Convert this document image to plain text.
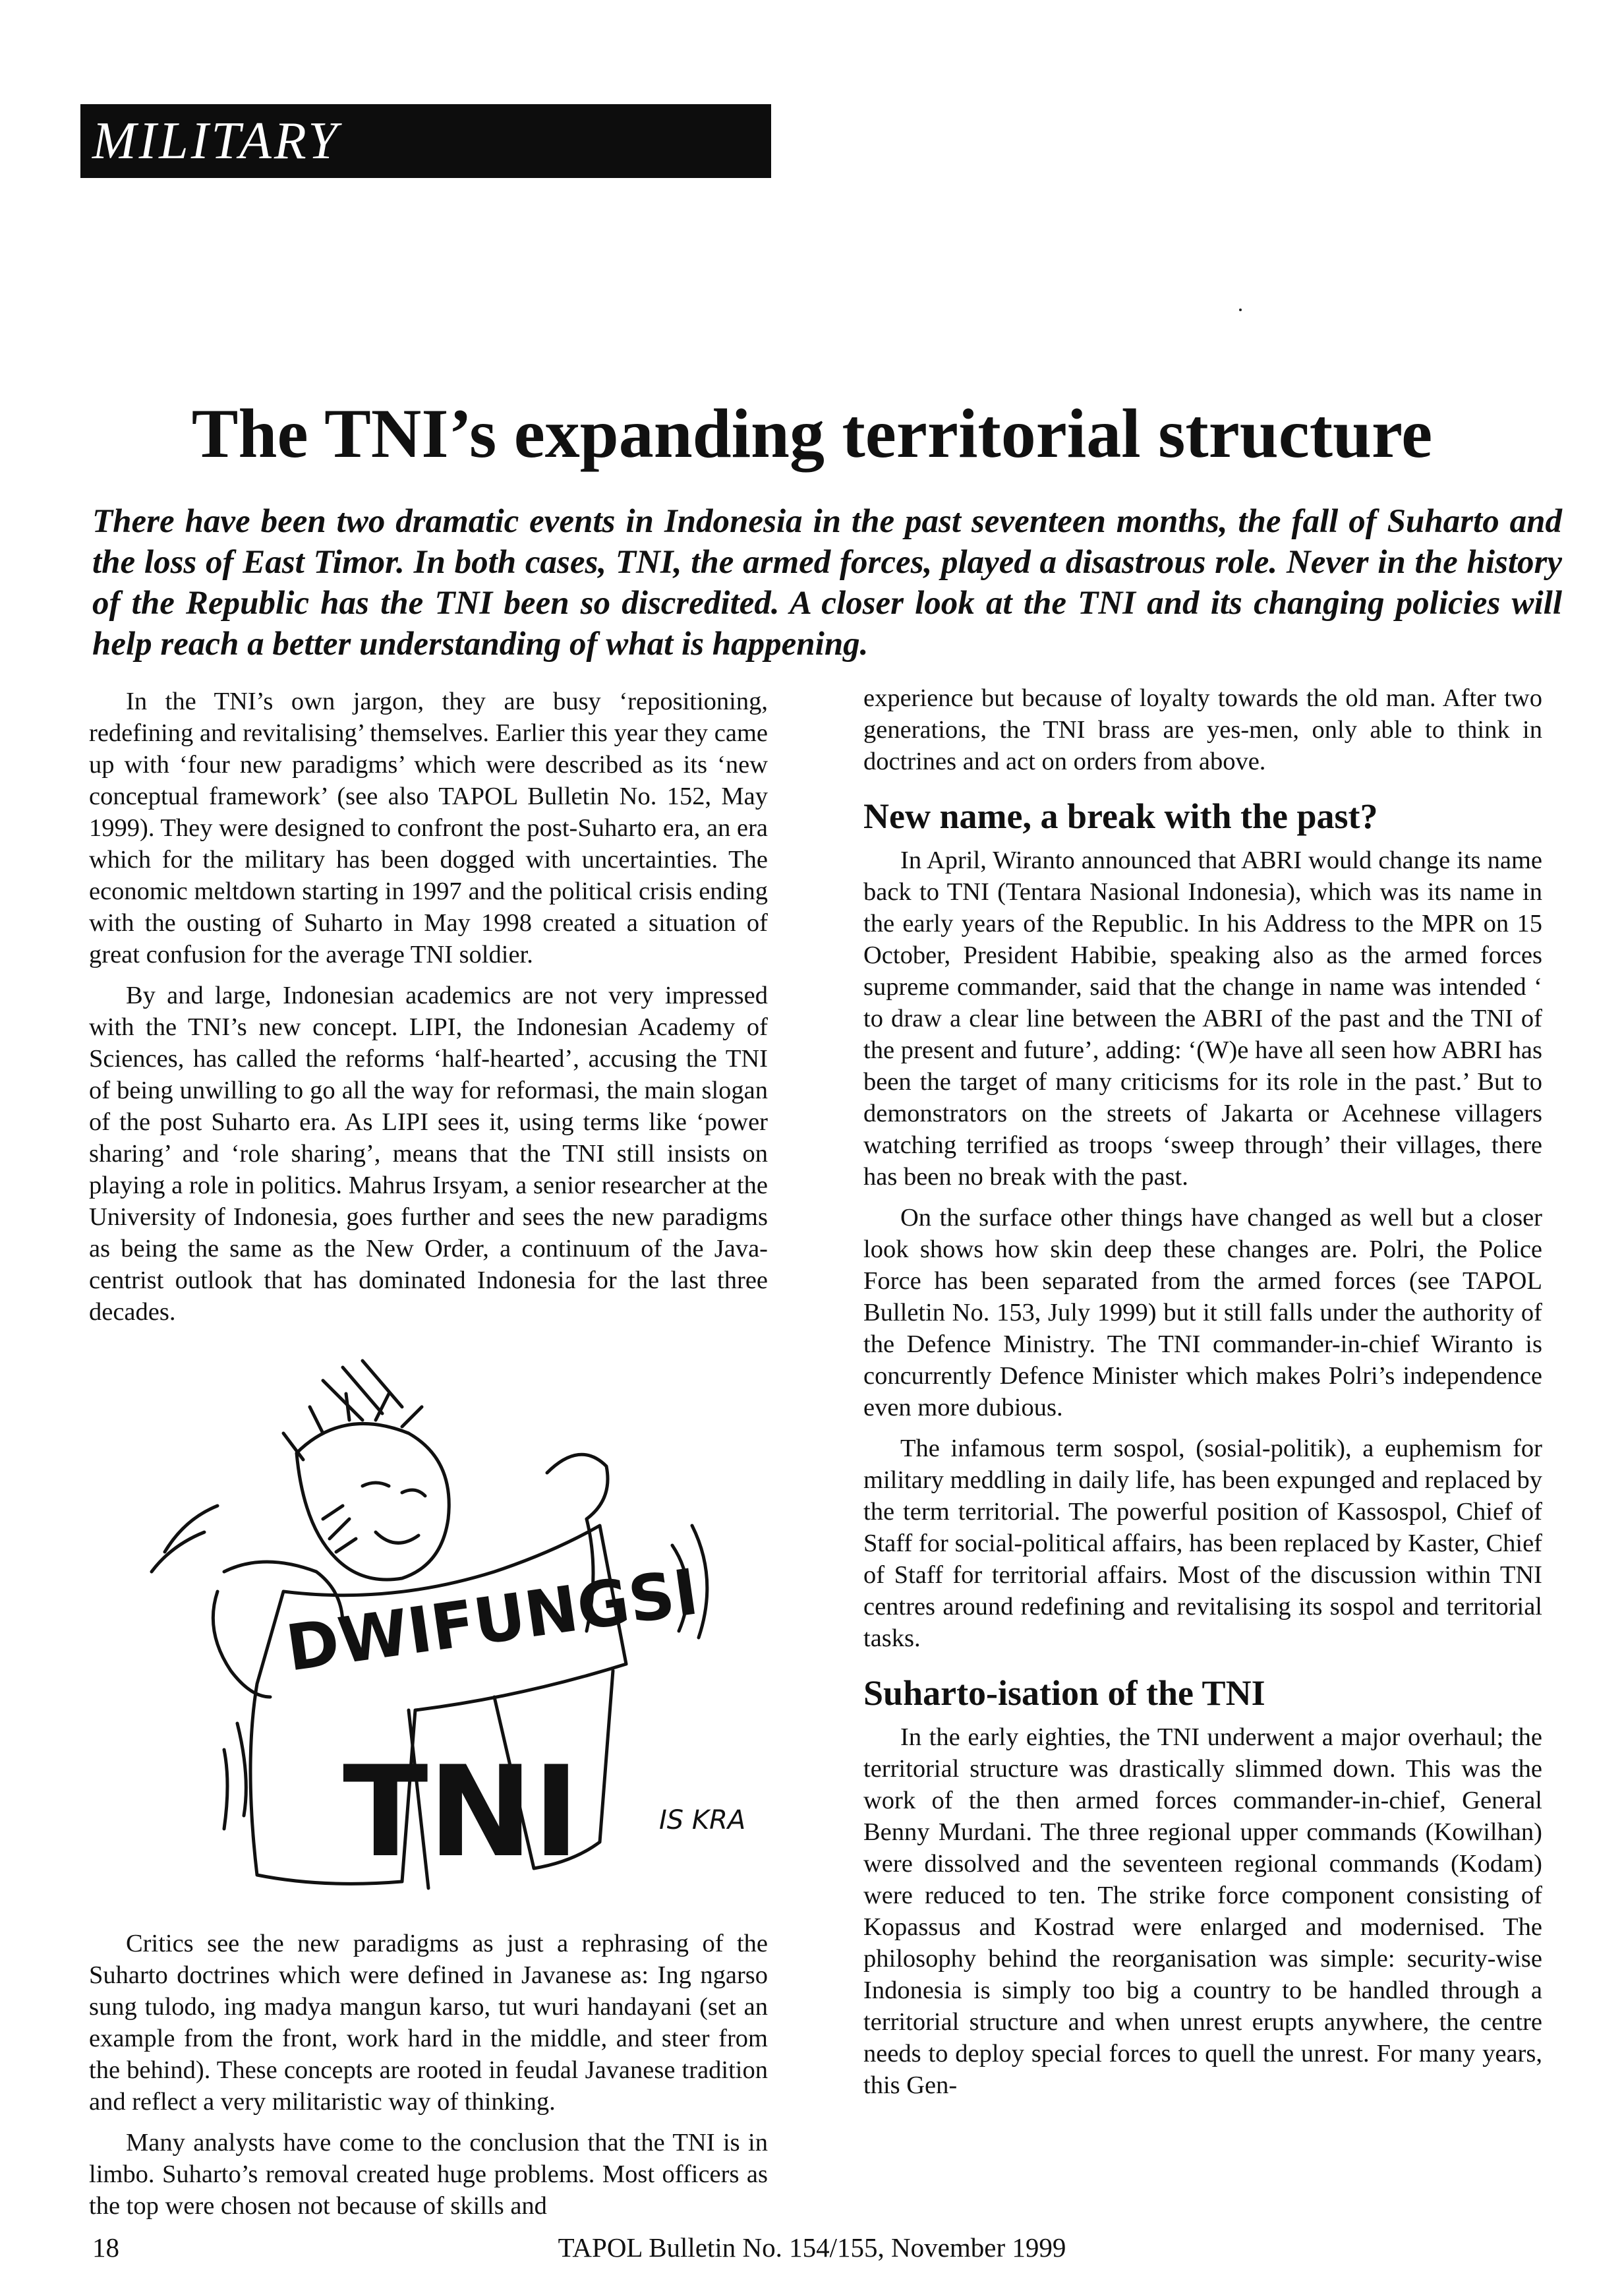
MILITARY
The TNI’s expanding territorial structure

There have been two dramatic events in Indonesia in the past seventeen months, the fall of Suharto and the loss of East Timor. In both cases, TNI, the armed forces, played a disastrous role. Never in the history of the Republic has the TNI been so discredited. A closer look at the TNI and its changing policies will help reach a better understanding of what is happening.

In the TNI’s own jargon, they are busy ‘repositioning, redefining and revitalising’ themselves. Earlier this year they came up with ‘four new paradigms’ which were described as its ‘new conceptual framework’ (see also TAPOL Bulletin No. 152, May 1999). They were designed to confront the post-Suharto era, an era which for the military has been dogged with uncertainties. The economic meltdown starting in 1997 and the political crisis ending with the ousting of Suharto in May 1998 created a situation of great confusion for the average TNI soldier.

By and large, Indonesian academics are not very impressed with the TNI’s new concept. LIPI, the Indonesian Academy of Sciences, has called the reforms ‘half-hearted’, accusing the TNI of being unwilling to go all the way for reformasi, the main slogan of the post Suharto era. As LIPI sees it, using terms like ‘power sharing’ and ‘role sharing’, means that the TNI still insists on playing a role in politics. Mahrus Irsyam, a senior researcher at the University of Indonesia, goes further and sees the new paradigms as being the same as the New Order, a continuum of the Java-centrist outlook that has dominated Indonesia for the last three decades.

DWIFUNGSI
TNI	IS KRA

Critics see the new paradigms as just a rephrasing of the Suharto doctrines which were defined in Javanese as: Ing ngarso sung tulodo, ing madya mangun karso, tut wuri handayani (set an example from the front, work hard in the middle, and steer from the behind). These concepts are rooted in feudal Javanese tradition and reflect a very militaristic way of thinking.

Many analysts have come to the conclusion that the TNI is in limbo. Suharto’s removal created huge problems. Most officers as the top were chosen not because of skills and

experience but because of loyalty towards the old man. After two generations, the TNI brass are yes-men, only able to think in doctrines and act on orders from above.

New name, a break with the past?

In April, Wiranto announced that ABRI would change its name back to TNI (Tentara Nasional Indonesia), which was its name in the early years of the Republic. In his Address to the MPR on 15 October, President Habibie, speaking also as the armed forces supreme commander, said that the change in name was intended ‘ to draw a clear line between the ABRI of the past and the TNI of the present and future’, adding: ‘(W)e have all seen how ABRI has been the target of many criticisms for its role in the past.’ But to demonstrators on the streets of Jakarta or Acehnese villagers watching terrified as troops ‘sweep through’ their villages, there has been no break with the past.

On the surface other things have changed as well but a closer look shows how skin deep these changes are. Polri, the Police Force has been separated from the armed forces (see TAPOL Bulletin No. 153, July 1999) but it still falls under the authority of the Defence Ministry. The TNI commander-in-chief Wiranto is concurrently Defence Minister which makes Polri’s independence even more dubious.

The infamous term sospol, (sosial-politik), a euphemism for military meddling in daily life, has been expunged and replaced by the term territorial. The powerful position of Kassospol, Chief of Staff for social-political affairs, has been replaced by Kaster, Chief of Staff for territorial affairs. Most of the discussion within TNI centres around redefining and revitalising its sospol and territorial tasks.

Suharto-isation of the TNI

In the early eighties, the TNI underwent a major overhaul; the territorial structure was drastically slimmed down. This was the work of the then armed forces commander-in-chief, General Benny Murdani. The three regional upper commands (Kowilhan) were dissolved and the seventeen regional commands (Kodam) were reduced to ten. The strike force component consisting of Kopassus and Kostrad were enlarged and modernised. The philosophy behind the reorganisation was simple: security-wise Indonesia is simply too big a country to be handled through a territorial structure and when unrest erupts anywhere, the centre needs to deploy special forces to quell the unrest. For many years, this Gen-

18	TAPOL Bulletin No. 154/155, November 1999
